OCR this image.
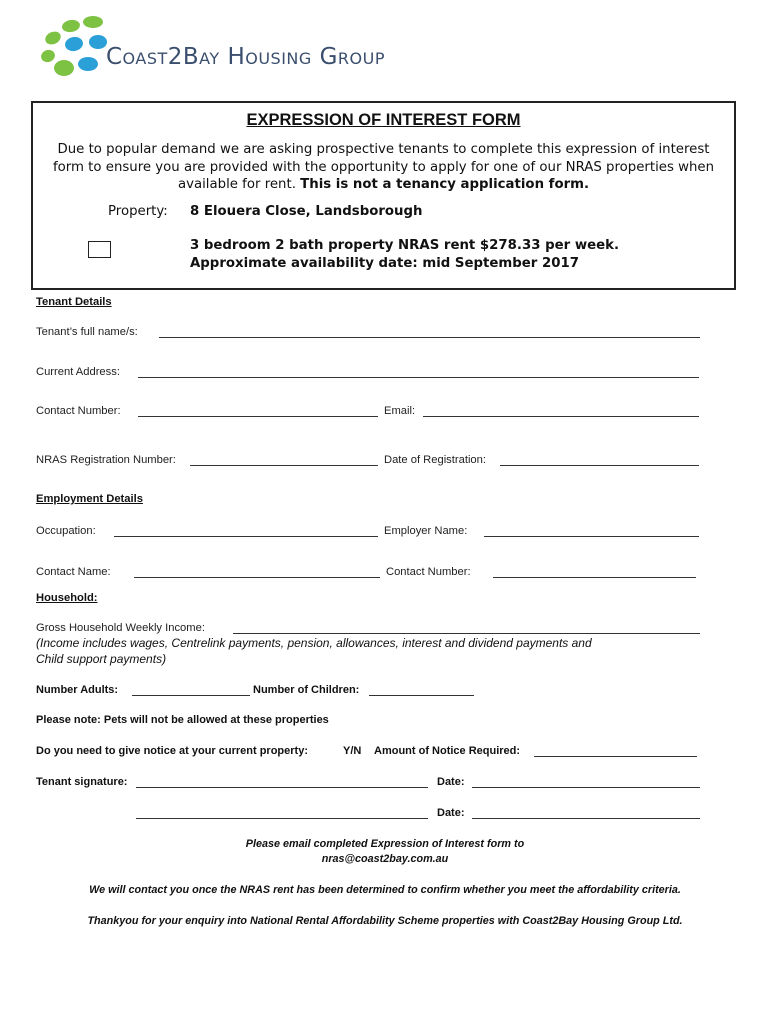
Coast2Bay Housing Group
EXPRESSION OF INTEREST FORM
Due to popular demand we are asking prospective tenants to complete this expression of interest form to ensure you are provided with the opportunity to apply for one of our NRAS properties when available for rent. This is not a tenancy application form.
Property: 8 Elouera Close, Landsborough
3 bedroom 2 bath property NRAS rent $278.33 per week.
Approximate availability date: mid September 2017
Tenant Details
Tenant’s full name/s:
Current Address:
Contact Number:	Email:
NRAS Registration Number:	Date of Registration:
Employment Details
Occupation:	Employer Name:
Contact Name:	Contact Number:
Household:
Gross Household Weekly Income:
(Income includes wages, Centrelink payments, pension, allowances, interest and dividend payments and
Child support payments)
Number Adults:	Number of Children:
Please note: Pets will not be allowed at these properties
Do you need to give notice at your current property:	Y/N Amount of Notice Required:
Tenant signature:	Date:
Date:
Please email completed Expression of Interest form to
nras@coast2bay.com.au
We will contact you once the NRAS rent has been determined to confirm whether you meet the affordability criteria.
Thankyou for your enquiry into National Rental Affordability Scheme properties with Coast2Bay Housing Group Ltd.
